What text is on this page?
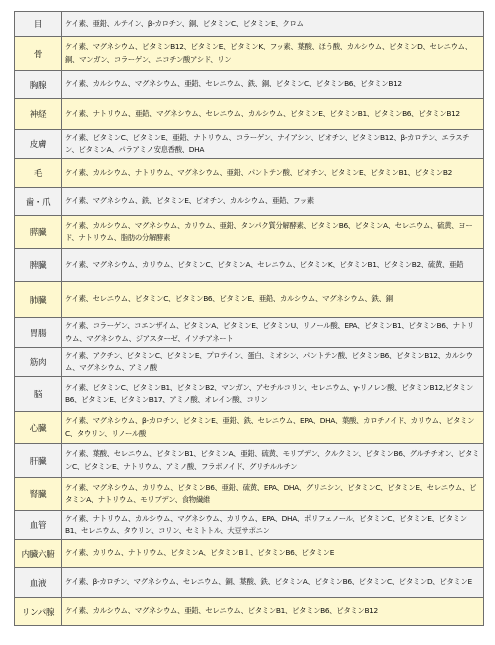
目	ケイ素、亜鉛、ルテイン、β-カロチン、銅、ビタミンC、ビタミンE、クロム
骨	ケイ素、マグネシウム、ビタミンB12、ビタミンE、ビタミンK、フッ素、葉酸、ほう酸、カルシウム、ビタミンD、セレニウム、銅、マンガン、コラーゲン、ニコチン酸アシド、リン
胸腺	ケイ素、カルシウム、マグネシウム、亜鉛、セレニウム、鉄、銅、ビタミンC、ビタミンB6、ビタミンB12
神経	ケイ素、ナトリウム、亜鉛、マグネシウム、セレニウム、カルシウム、ビタミンE、ビタミンB1、ビタミンB6、ビタミンB12
皮膚	ケイ素、ビタミンC、ビタミンE、亜鉛、ナトリウム、コラーゲン、ナイアシン、ビオチン、ビタミンB12、β-カロテン、エラスチン、ビタミンA、パラアミノ安息香酸、DHA
毛	ケイ素、カルシウム、ナトリウム、マグネシウム、亜鉛、パントテン酸、ビオチン、ビタミンE、ビタミンB1、ビタミンB2
歯・爪	ケイ素、マグネシウム、鉄、ビタミンE、ビオチン、カルシウム、亜鉛、フッ素
膵臓	ケイ素、カルシウム、マグネシウム、カリウム、亜鉛、タンパク質分解酵素、ビタミンB6、ビタミンA、セレニウム、硫黄、ヨード、ナトリウム、脂肪の分解酵素
脾臓	ケイ素、マグネシウム、カリウム、ビタミンC、ビタミンA、セレニウム、ビタミンK、ビタミンB1、ビタミンB2、硫黄、亜鉛
肺臓	ケイ素、セレニウム、ビタミンC、ビタミンB6、ビタミンE、亜鉛、カルシウム、マグネシウム、鉄、銅
胃腸	ケイ素、コラーゲン、コエンザイム、ビタミンA、ビタミンE、ビタミンU、リノール酸、EPA、ビタミンB1、ビタミンB6、ナトリウム、マグネシウム、ジアスターゼ、イソチアネート
筋肉	ケイ素、アクチン、ビタミンC、ビタミンE、プロテイン、蛋白、ミオシン、パントテン酸、ビタミンB6、ビタミンB12、カルシウム、マグネシウム、アミノ酸
脳	ケイ素、ビタミンC、ビタミンB1、ビタミンB2、マンガン、アセチルコリン、セレニウム、γ-リノレン酸、ビタミンB12,ビタミンB6、ビタミンE、ビタミンB17、アミノ酸、オレイン酸、コリン
心臓	ケイ素、マグネシウム、β-カロチン、ビタミンE、亜鉛、鉄、セレニウム、EPA、DHA、葉酸、カロチノイド、カリウム、ビタミンC、タウリン、リノール酸
肝臓	ケイ素、葉酸、セレニウム、ビタミンB1、ビタミンA、亜鉛、硫黄、モリブデン、クルクミン、ビタミンB6、グルチチオン、ビタミンC、ビタミンE、ナトリウム、アミノ酸、フラボノイド、グリチルルチン
腎臓	ケイ素、マグネシウム、カリウム、ビタミンB6、亜鉛、硫黄、EPA、DHA、グリニシン、ビタミンC、ビタミンE、セレニウム、ビタミンA、ナトリウム、モリブデン、食物繊維
血管	ケイ素、ナトリウム、カルシウム、マグネシウム、カリウム、EPA、DHA、ポリフェノール、ビタミンC、ビタミンE、ビタミンB1、セレニウム、タウリン、コリン、セミトトル、大豆サポニン
内臓六腑	ケイ素、カリウム、ナトリウム、ビタミンA、ビタミンB１、ビタミンB6、ビタミンE
血液	ケイ素、β-カロチン、マグネシウム、セレニウム、銅、葉酸、鉄、ビタミンA、ビタミンB6、ビタミンC、ビタミンD、ビタミンE
リンパ腺	ケイ素、カルシウム、マグネシウム、亜鉛、セレニウム、ビタミンB1、ビタミンB6、ビタミンB12
